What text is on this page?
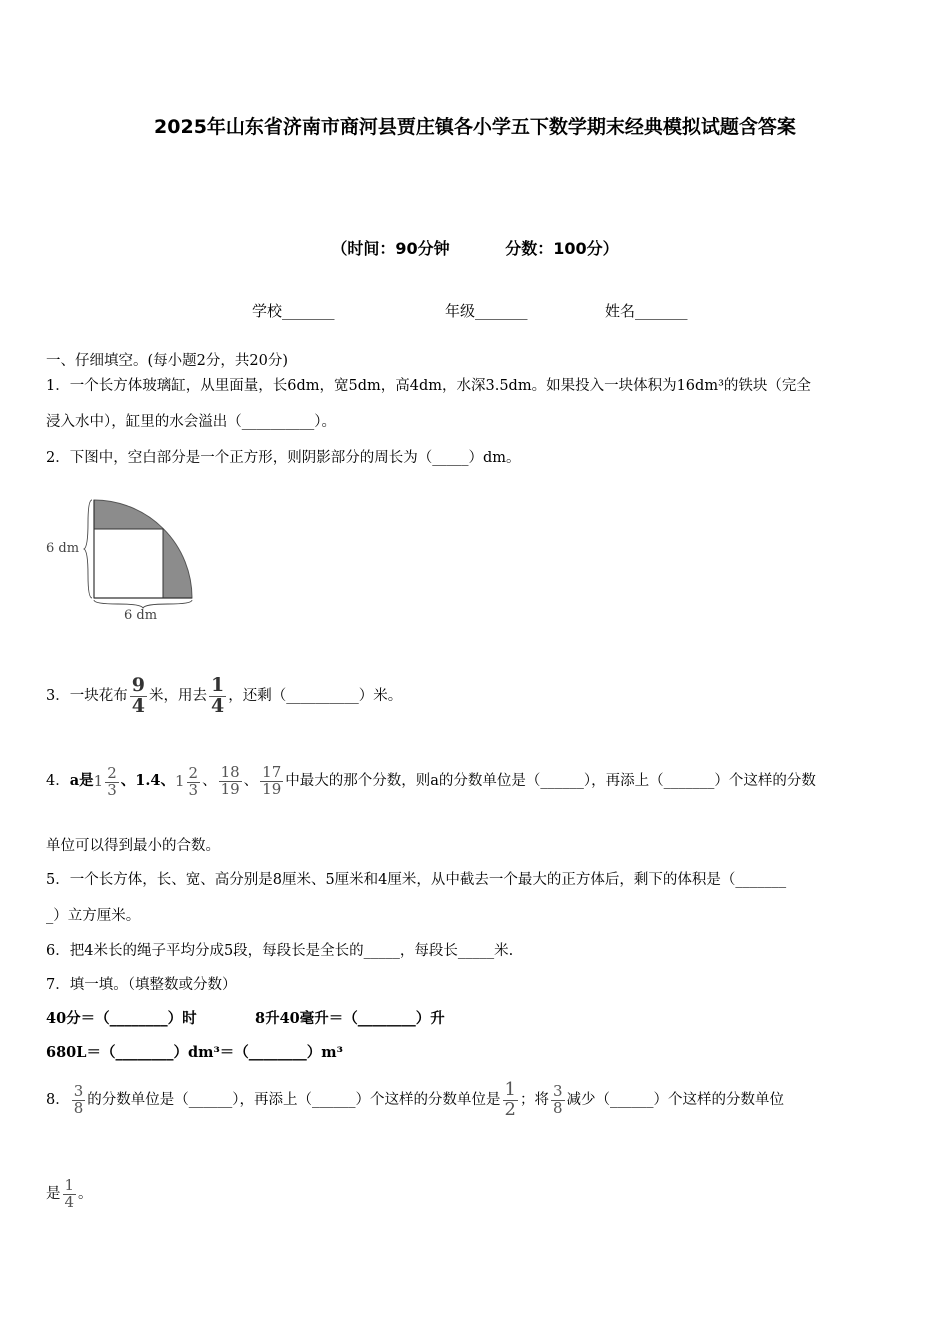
2025年山东省济南市商河县贾庄镇各小学五下数学期末经典模拟试题含答案
（时间：90分钟          分数：100分）
学校_______	年级_______	姓名_______
一、仔细填空。(每小题2分，共20分)
1．一个长方体玻璃缸，从里面量，长6dm，宽5dm，高4dm，水深3.5dm。如果投入一块体积为16dm³的铁块（完全
浸入水中），缸里的水会溢出（__________）。
2．下图中，空白部分是一个正方形，则阴影部分的周长为（_____）dm。
6 dm
6 dm
3．一块花布 $\frac{9}{4}$ 米，用去 $\frac{1}{4}$ ，还剩（__________）米。
4．a是$1 \frac{2}{3}$ 、1.4、$1 \frac{2}{3}$ 、 $\frac{18}{19}$ 、 $\frac{17}{19}$ 中最大的那个分数，则a的分数单位是（______），再添上（_______）个这样的分数
单位可以得到最小的合数。
5．一个长方体，长、宽、高分别是8厘米、5厘米和4厘米，从中截去一个最大的正方体后，剩下的体积是（_______
_）立方厘米。
6．把4米长的绳子平均分成5段，每段长是全长的_____，每段长_____米.
7．填一填。（填整数或分数）
40分＝（________）时	8升40毫升＝（________）升
680L＝（________）dm³＝（________）m³
8． $\frac{3}{8}$ 的分数单位是（______），再添上（______）个这样的分数单位是 $\frac{1}{2}$ ；将 $\frac{3}{8}$ 减少（______）个这样的分数单位
是 $\frac{1}{4}$ 。
